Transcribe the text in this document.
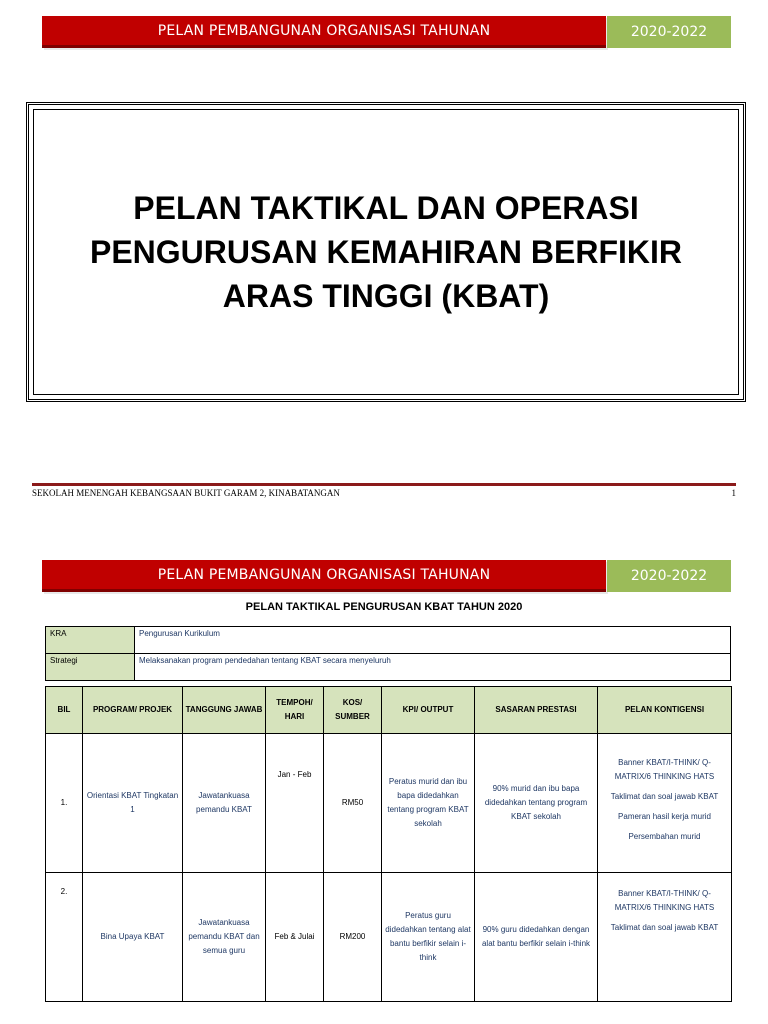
PELAN PEMBANGUNAN ORGANISASI TAHUNAN	2020-2022
PELAN TAKTIKAL DAN OPERASI
PENGURUSAN KEMAHIRAN BERFIKIR
ARAS TINGGI (KBAT)
SEKOLAH MENENGAH KEBANGSAAN BUKIT GARAM 2, KINABATANGAN	1
PELAN PEMBANGUNAN ORGANISASI TAHUNAN	2020-2022
PELAN TAKTIKAL PENGURUSAN KBAT TAHUN 2020
KRA	Pengurusan Kurikulum
Strategi	Melaksanakan program pendedahan tentang KBAT secara menyeluruh
BIL	PROGRAM/ PROJEK	TANGGUNG JAWAB	TEMPOH/ HARI	KOS/ SUMBER	KPI/ OUTPUT	SASARAN PRESTASI	PELAN KONTIGENSI
1.	Orientasi KBAT Tingkatan 1	Jawatankuasa pemandu KBAT	Jan - Feb	RM50	Peratus murid dan ibu bapa didedahkan tentang program KBAT sekolah	90% murid dan ibu bapa didedahkan tentang program KBAT sekolah	Banner KBAT/I-THINK/ Q-MATRIX/6 THINKING HATS

Taklimat dan soal jawab KBAT

Pameran hasil kerja murid

Persembahan murid

2.	Bina Upaya KBAT	Jawatankuasa pemandu KBAT dan semua guru	Feb & Julai	RM200	Peratus guru didedahkan tentang alat bantu berfikir selain i-think	90% guru didedahkan dengan alat bantu berfikir selain i-think	Banner KBAT/I-THINK/ Q-MATRIX/6 THINKING HATS

Taklimat dan soal jawab KBAT
